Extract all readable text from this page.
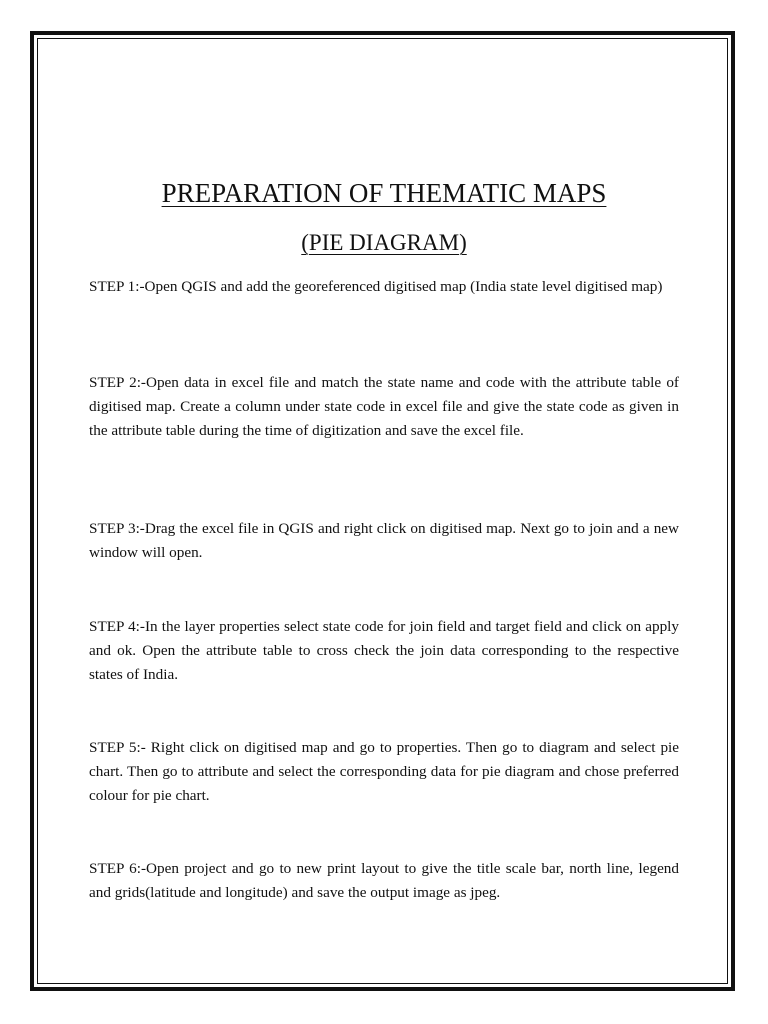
PREPARATION OF THEMATIC MAPS
(PIE DIAGRAM)

STEP 1:-Open QGIS and add the georeferenced digitised map (India state level digitised map)

STEP 2:-Open data in excel file and match the state name and code with the attribute table of digitised map. Create a column under state code in excel file and give the state code as given in the attribute table during the time of digitization and save the excel file.

STEP 3:-Drag the excel file in QGIS and right click on digitised map. Next go to join and a new window will open.

STEP 4:-In the layer properties select state code for join field and target field and click on apply and ok. Open the attribute table to cross check the join data corresponding to the respective states of India.

STEP 5:- Right click on digitised map and go to properties. Then go to diagram and select pie chart. Then go to attribute and select the corresponding data for pie diagram and chose preferred colour for pie chart.

STEP 6:-Open project and go to new print layout to give the title scale bar, north line, legend and grids(latitude and longitude) and save the output image as jpeg.
